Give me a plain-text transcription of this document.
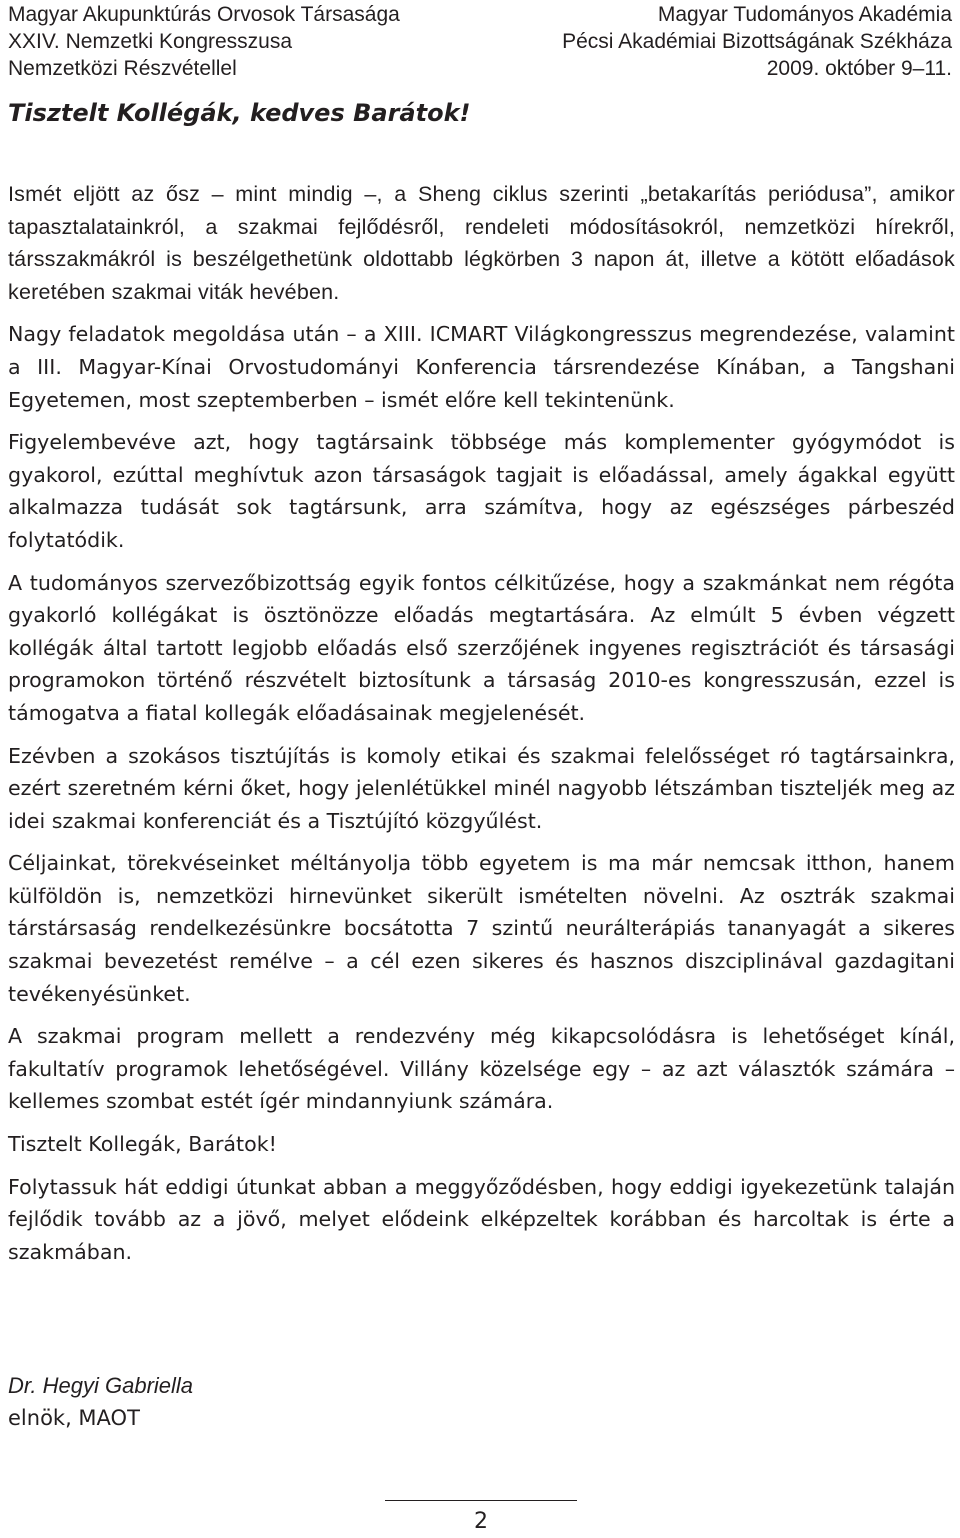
Magyar Akupunktúrás Orvosok Társasága
XXIV. Nemzetki Kongresszusa
Nemzetközi Részvétellel
Magyar Tudományos Akadémia
Pécsi Akadémiai Bizottságának Székháza
2009. október 9–11.
Tisztelt Kollégák, kedves Barátok!

Ismét eljött az ősz – mint mindig –, a Sheng ciklus szerinti „betakarítás periódusa”, amikor tapasztalatainkról, a szakmai fejlődésről, rendeleti módosításokról, nemzetközi hírekről, társszakmákról is beszélgethetünk oldottabb légkörben 3 napon át, illetve a kötött előadások keretében szakmai viták hevében.

Nagy feladatok megoldása után – a XIII. ICMART Világkongresszus megrendezése, valamint a III. Magyar-Kínai Orvostudományi Konferencia társrendezése Kínában, a Tangshani Egyetemen, most szeptemberben – ismét előre kell tekintenünk.

Figyelembevéve azt, hogy tagtársaink többsége más komplementer gyógymódot is gyakorol, ezúttal meghívtuk azon társaságok tagjait is előadással, amely ágakkal együtt alkalmazza tudását sok tagtársunk, arra számítva, hogy az egészséges párbeszéd folytatódik.

A tudományos szervezőbizottság egyik fontos célkitűzése, hogy a szakmánkat nem régóta gyakorló kollégákat is ösztönözze előadás megtartására. Az elmúlt 5 évben végzett kollégák által tartott legjobb előadás első szerzőjének ingyenes regisztrációt és társasági programokon történő részvételt biztosítunk a társaság 2010-es kongresszusán, ezzel is támogatva a fiatal kollegák előadásainak megjelenését.

Ezévben a szokásos tisztújítás is komoly etikai és szakmai felelősséget ró tagtársainkra, ezért szeretném kérni őket, hogy jelenlétükkel minél nagyobb létszámban tiszteljék meg az idei szakmai konferenciát és a Tisztújító közgyűlést.

Céljainkat, törekvéseinket méltányolja több egyetem is ma már nemcsak itthon, hanem külföldön is, nemzetközi hirnevünket sikerült ismételten növelni. Az osztrák szakmai társtársaság rendelkezésünkre bocsátotta 7 szintű neurálterápiás tananyagát a sikeres szakmai bevezetést remélve – a cél ezen sikeres és hasznos diszciplinával gazdagitani tevékenyésünket.

A szakmai program mellett a rendezvény még kikapcsolódásra is lehetőséget kínál, fakultatív programok lehetőségével. Villány közelsége egy – az azt választók számára – kellemes szombat estét ígér mindannyiunk számára.

Tisztelt Kollegák, Barátok!

Folytassuk hát eddigi útunkat abban a meggyőződésben, hogy eddigi igyekezetünk talaján fejlődik tovább az a jövő, melyet elődeink elképzeltek korábban és harcoltak is érte a szakmában.

Dr. Hegyi Gabriella
elnök, MAOT
2
